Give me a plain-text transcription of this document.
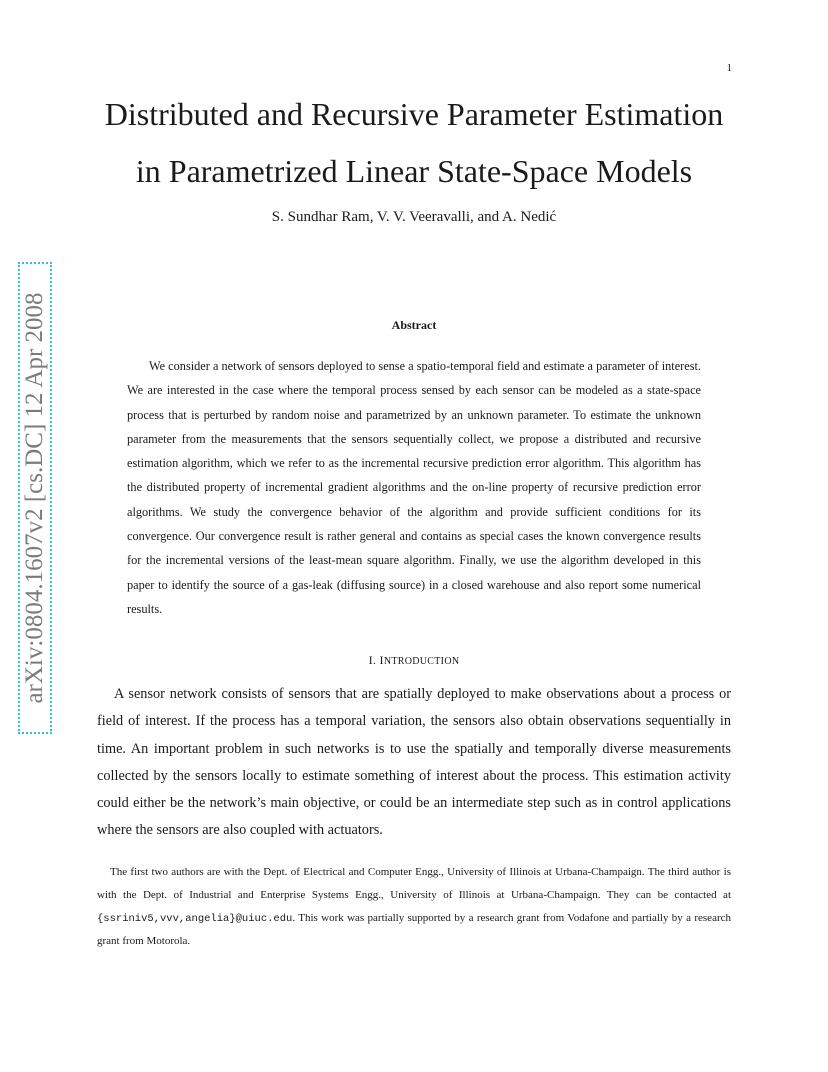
1
Distributed and Recursive Parameter Estimation
in Parametrized Linear State-Space Models
S. Sundhar Ram, V. V. Veeravalli, and A. Nedić
arXiv:0804.1607v2 [cs.DC] 12 Apr 2008	Abstract

We consider a network of sensors deployed to sense a spatio-temporal field and estimate a parameter of interest. We are interested in the case where the temporal process sensed by each sensor can be modeled as a state-space process that is perturbed by random noise and parametrized by an unknown parameter. To estimate the unknown parameter from the measurements that the sensors sequentially collect, we propose a distributed and recursive estimation algorithm, which we refer to as the incremental recursive prediction error algorithm. This algorithm has the distributed property of incremental gradient algorithms and the on-line property of recursive prediction error algorithms. We study the convergence behavior of the algorithm and provide sufficient conditions for its convergence. Our convergence result is rather general and contains as special cases the known convergence results for the incremental versions of the least-mean square algorithm. Finally, we use the algorithm developed in this paper to identify the source of a gas-leak (diffusing source) in a closed warehouse and also report some numerical results.

I. INTRODUCTION

A sensor network consists of sensors that are spatially deployed to make observations about a process or field of interest. If the process has a temporal variation, the sensors also obtain observations sequentially in time. An important problem in such networks is to use the spatially and temporally diverse measurements collected by the sensors locally to estimate something of interest about the process. This estimation activity could either be the network’s main objective, or could be an intermediate step such as in control applications where the sensors are also coupled with actuators.

The first two authors are with the Dept. of Electrical and Computer Engg., University of Illinois at Urbana-Champaign. The third author is with the Dept. of Industrial and Enterprise Systems Engg., University of Illinois at Urbana-Champaign. They can be contacted at {ssriniv5,vvv,angelia}@uiuc.edu. This work was partially supported by a research grant from Vodafone and partially by a research grant from Motorola.
